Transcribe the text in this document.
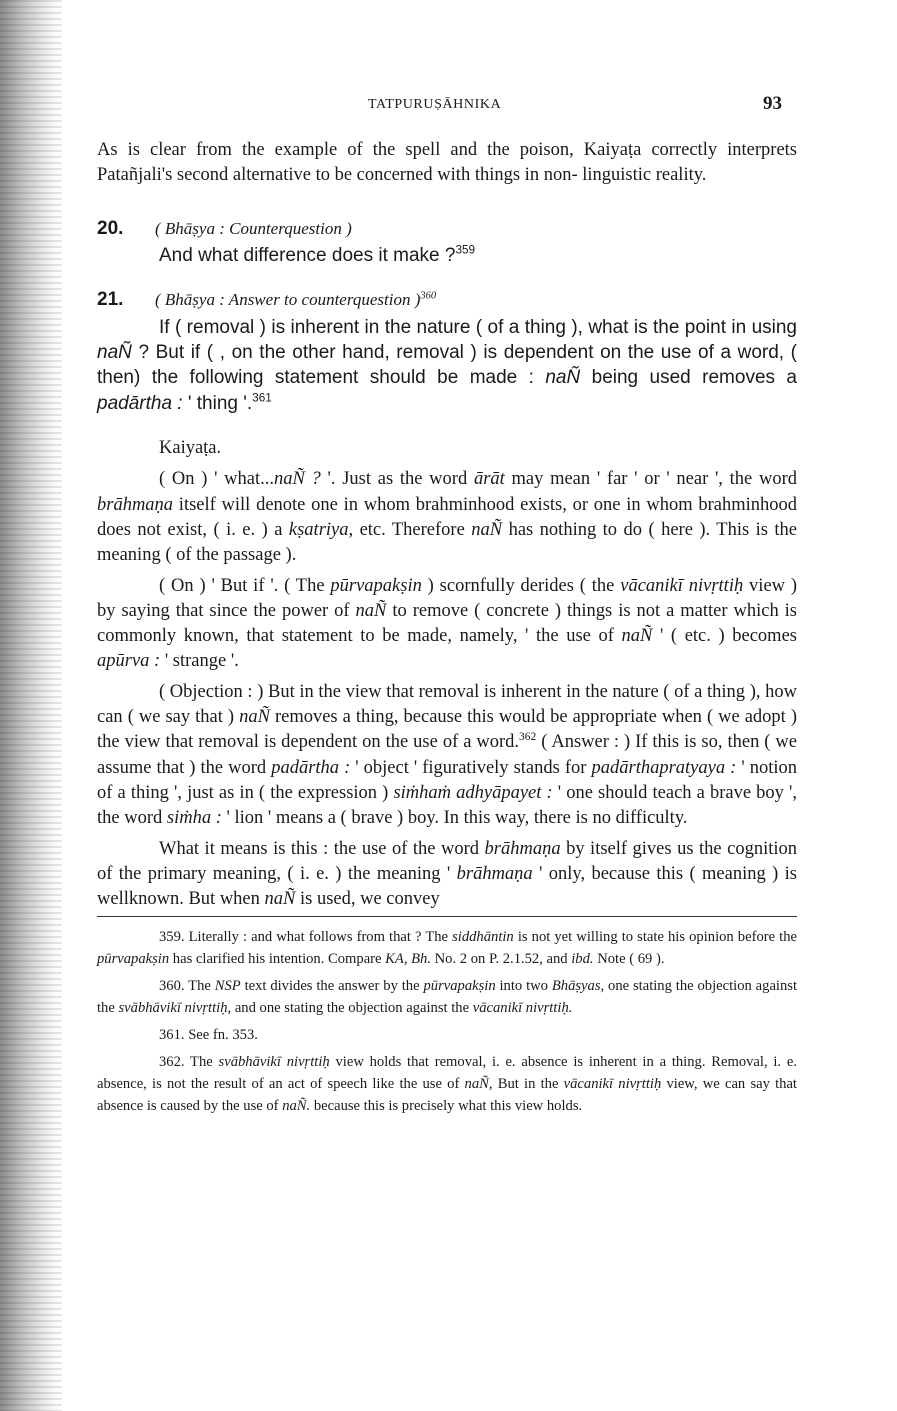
TATPURUṢĀHNIKA	93

As is clear from the example of the spell and the poison, Kaiyaṭa correctly interprets Patañjali's second alternative to be concerned with things in non- linguistic reality.

20.	( Bhāṣya : Counterquestion )
And what difference does it make ?$^{359}$
21.	( Bhāṣya : Answer to counterquestion )$^{360}$

If ( removal ) is inherent in the nature ( of a thing ), what is the point in using naÑ ? But if ( , on the other hand, removal ) is dependent on the use of a word, ( then) the following statement should be made : naÑ being used removes a padārtha : ' thing '.$^{361}$

Kaiyaṭa.

( On ) ' what...naÑ ? '. Just as the word ārāt may mean ' far ' or ' near ', the word brāhmaṇa itself will denote one in whom brahminhood exists, or one in whom brahminhood does not exist, ( i. e. ) a kṣatriya, etc. Therefore naÑ has nothing to do ( here ). This is the meaning ( of the passage ).

( On ) ' But if '. ( The pūrvapakṣin ) scornfully derides ( the vācanikī nivṛttiḥ view ) by saying that since the power of naÑ to remove ( concrete ) things is not a matter which is commonly known, that statement to be made, namely, ' the use of naÑ ' ( etc. ) becomes apūrva : ' strange '.

( Objection : ) But in the view that removal is inherent in the nature ( of a thing ), how can ( we say that ) naÑ removes a thing, because this would be appropriate when ( we adopt ) the view that removal is dependent on the use of a word.$^{362}$ ( Answer : ) If this is so, then ( we assume that ) the word padārtha : ' object ' figuratively stands for padārthapratyaya : ' notion of a thing ', just as in ( the expression ) siṁhaṁ adhyāpayet : ' one should teach a brave boy ', the word siṁha : ' lion ' means a ( brave ) boy. In this way, there is no difficulty.

What it means is this : the use of the word brāhmaṇa by itself gives us the cognition of the primary meaning, ( i. e. ) the meaning ' brāhmaṇa ' only, because this ( meaning ) is wellknown. But when naÑ is used, we convey

359. Literally : and what follows from that ? The siddhāntin is not yet willing to state his opinion before the pūrvapakṣin has clarified his intention. Compare KA, Bh. No. 2 on P. 2.1.52, and ibd. Note ( 69 ).

360. The NSP text divides the answer by the pūrvapakṣin into two Bhāṣyas, one stating the objection against the svābhāvikī nivṛttiḥ, and one stating the objection against the vācanikī nivṛttiḥ.

361. See fn. 353.

362. The svābhāvikī nivṛttiḥ view holds that removal, i. e. absence is inherent in a thing. Removal, i. e. absence, is not the result of an act of speech like the use of naÑ, But in the vācanikī nivṛttiḥ view, we can say that absence is caused by the use of naÑ. because this is precisely what this view holds.
